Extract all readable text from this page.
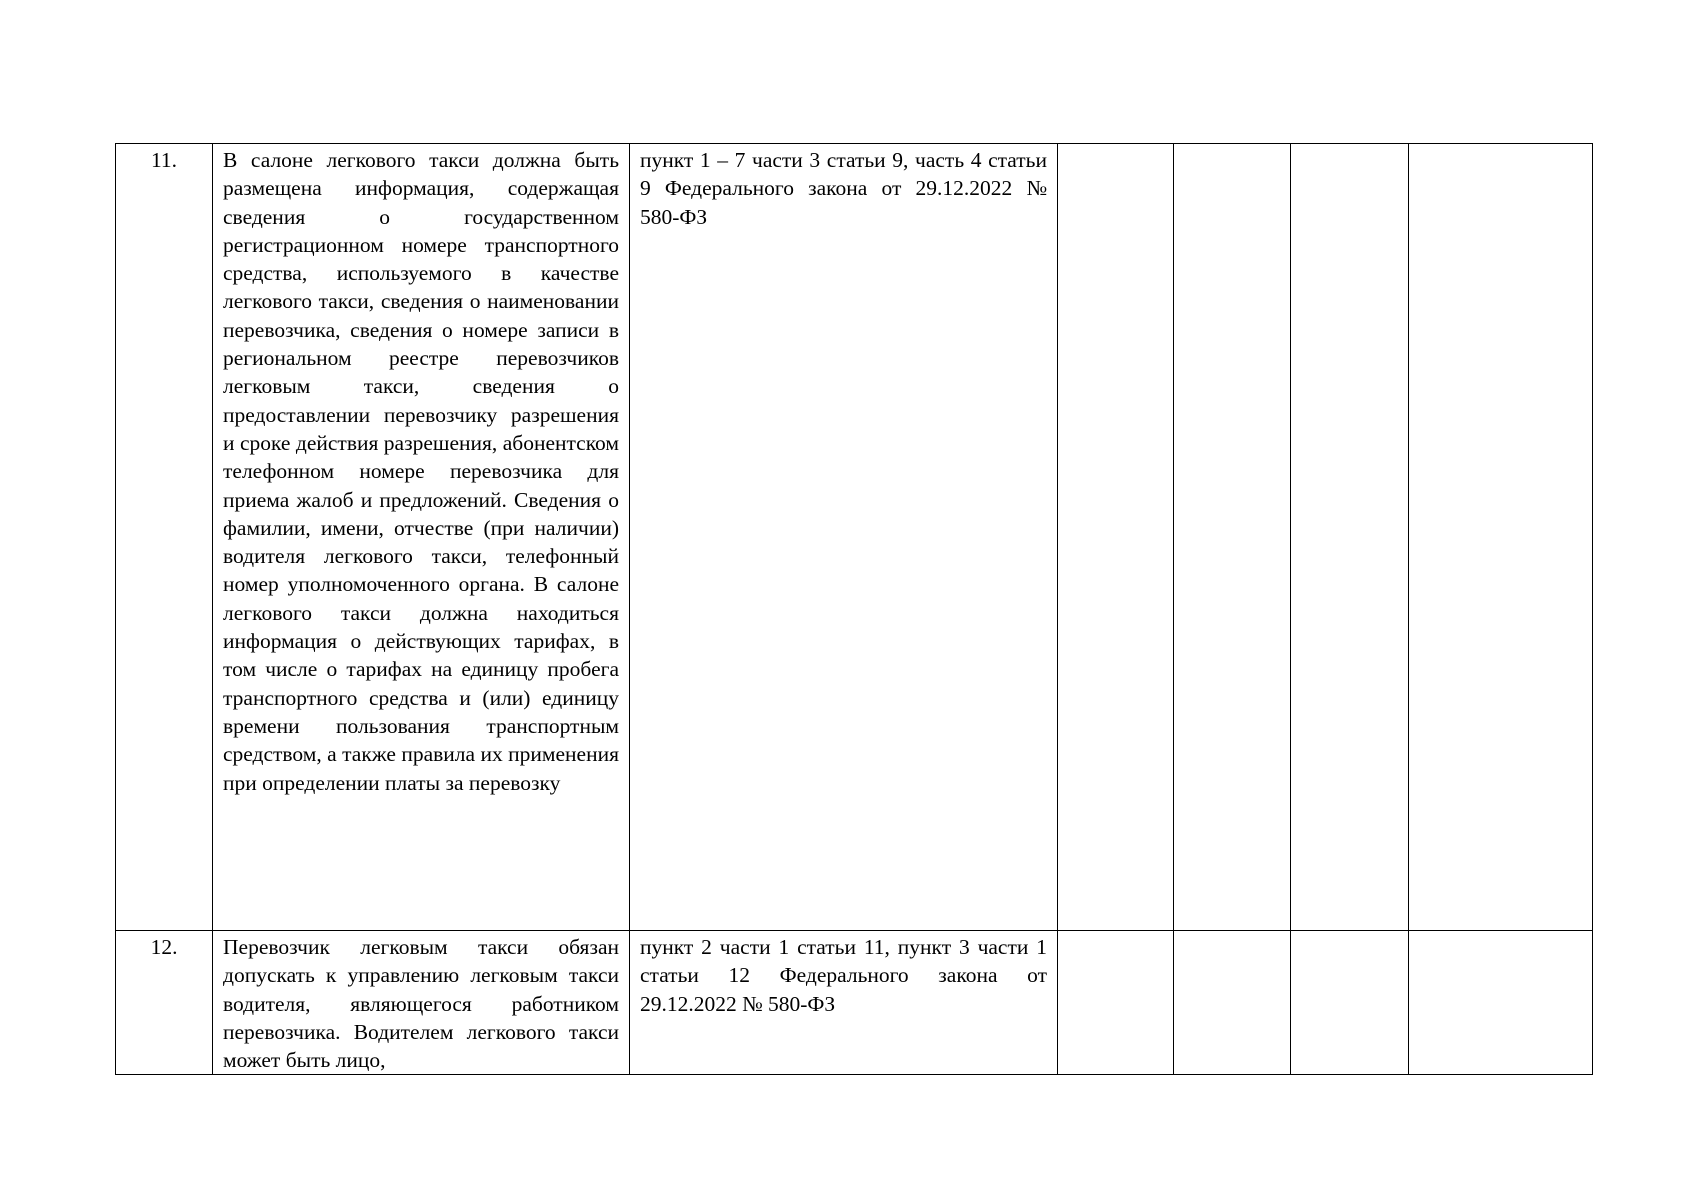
11.	В салоне легкового такси должна быть размещена информация, содержащая сведения о государственном регистрационном номере транспортного средства, используемого в качестве легкового такси, сведения о наименовании перевозчика, сведения о номере записи в региональном реестре перевозчиков легковым такси, сведения о предоставлении перевозчику разрешения и сроке действия разрешения, абонентском телефонном номере перевозчика для приема жалоб и предложений. Сведения о фамилии, имени, отчестве (при наличии) водителя легкового такси, телефонный номер уполномоченного органа. В салоне легкового такси должна находиться информация о действующих тарифах, в том числе о тарифах на единицу пробега транспортного средства и (или) единицу времени пользования транспортным средством, а также правила их применения при определении платы за перевозку	пункт 1 – 7 части 3 статьи 9, часть 4 статьи 9 Федерального закона от 29.12.2022 № 580-ФЗ				
12.	Перевозчик легковым такси обязан допускать к управлению легковым такси водителя, являющегося работником перевозчика. Водителем легкового такси может быть лицо,	пункт 2 части 1 статьи 11, пункт 3 части 1 статьи 12 Федерального закона от 29.12.2022 № 580-ФЗ				
